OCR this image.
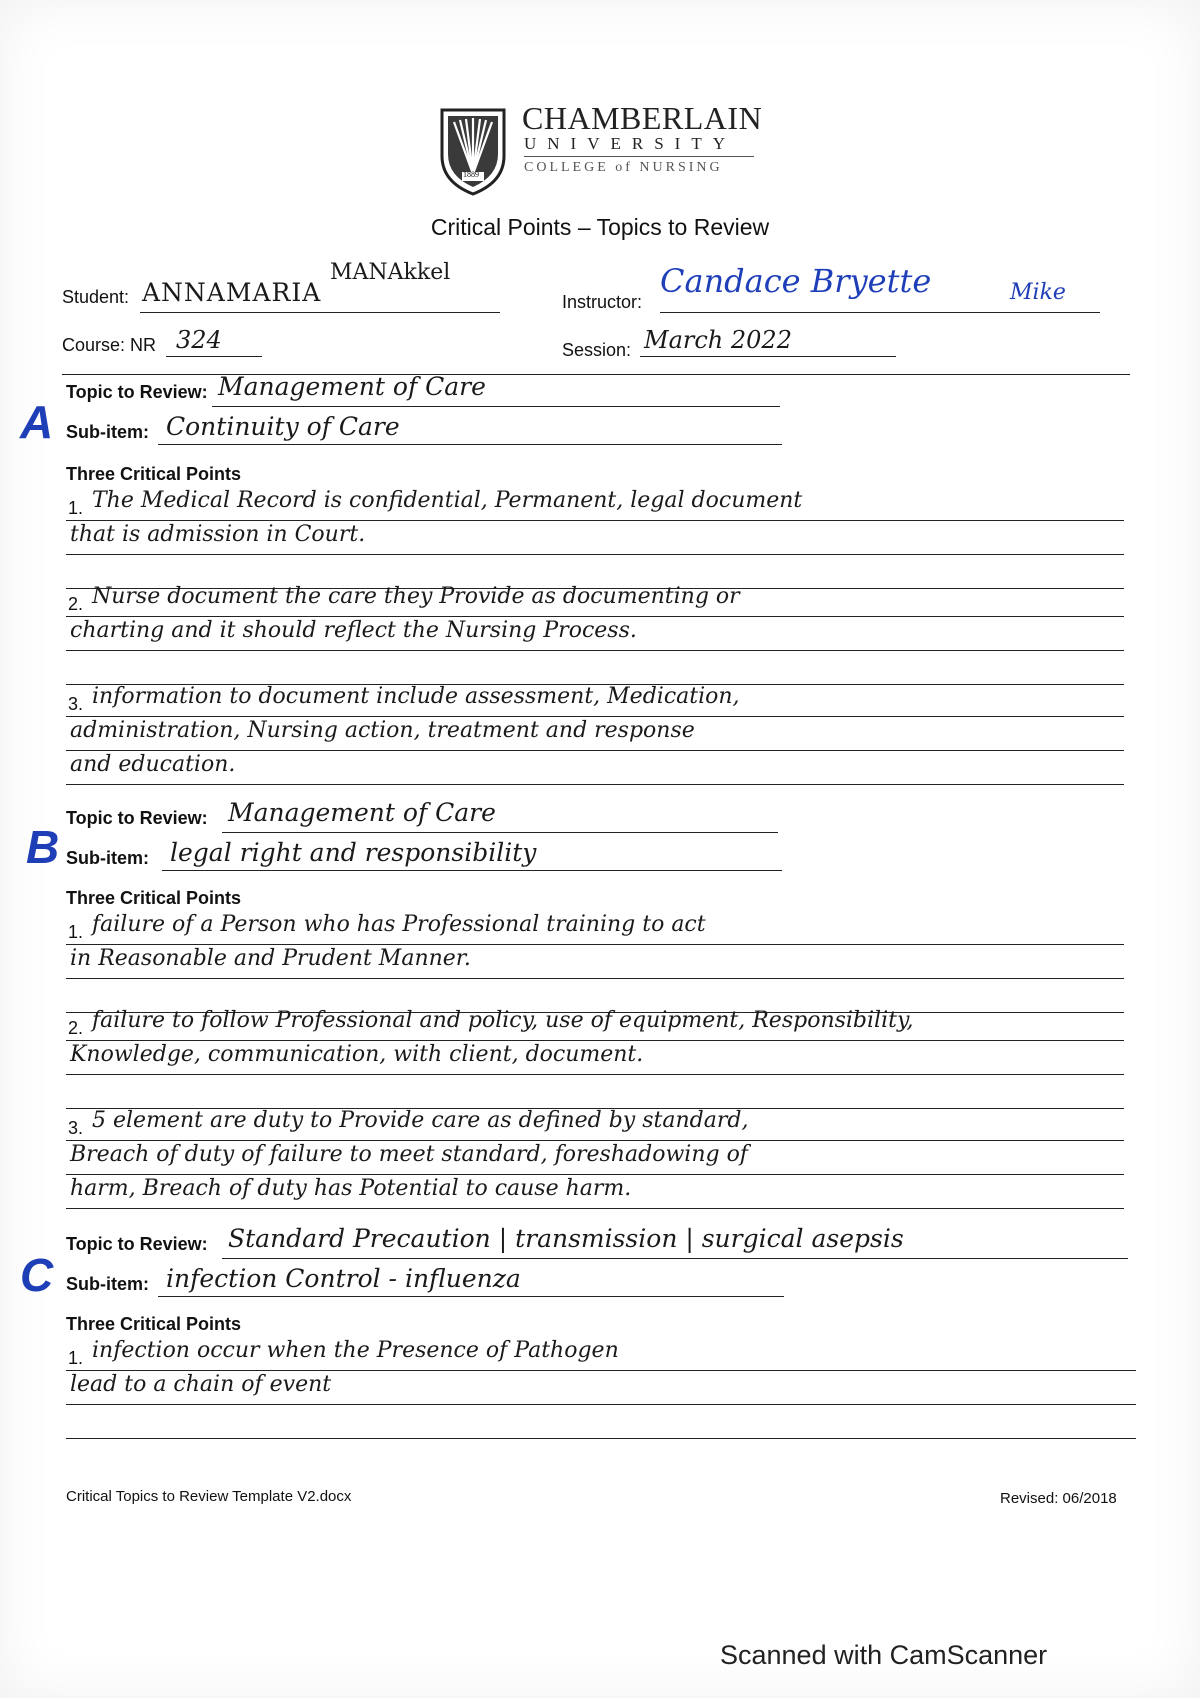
1889
CHAMBERLAIN
UNIVERSITY
COLLEGE of NURSING
Critical Points – Topics to Review
Student: ANNAMARIA
MANAkkel
Instructor:
Candace Bryette	Mike
Course: NR 324	Session: March 2022
A
Topic to Review: Management of Care
Sub-item: Continuity of Care
Three Critical Points
1. The Medical Record is confidential, Permanent, legal document
that is admission in Court.
2. Nurse document the care they Provide as documenting or
charting and it should reflect the Nursing Process.
3. information to document include assessment, Medication,
administration, Nursing action, treatment and response
and education.
B
Topic to Review: Management of Care
Sub-item: legal right and responsibility
Three Critical Points
1. failure of a Person who has Professional training to act
in Reasonable and Prudent Manner.
2. failure to follow Professional and policy, use of equipment, Responsibility,
Knowledge, communication, with client, document.
3. 5 element are duty to Provide care as defined by standard,
Breach of duty of failure to meet standard, foreshadowing of
harm, Breach of duty has Potential to cause harm.
C
Topic to Review: Standard Precaution | transmission | surgical asepsis
Sub-item: infection Control - influenza
Three Critical Points
1. infection occur when the Presence of Pathogen
lead to a chain of event
Critical Topics to Review Template V2.docx	Revised: 06/2018
Scanned with CamScanner
